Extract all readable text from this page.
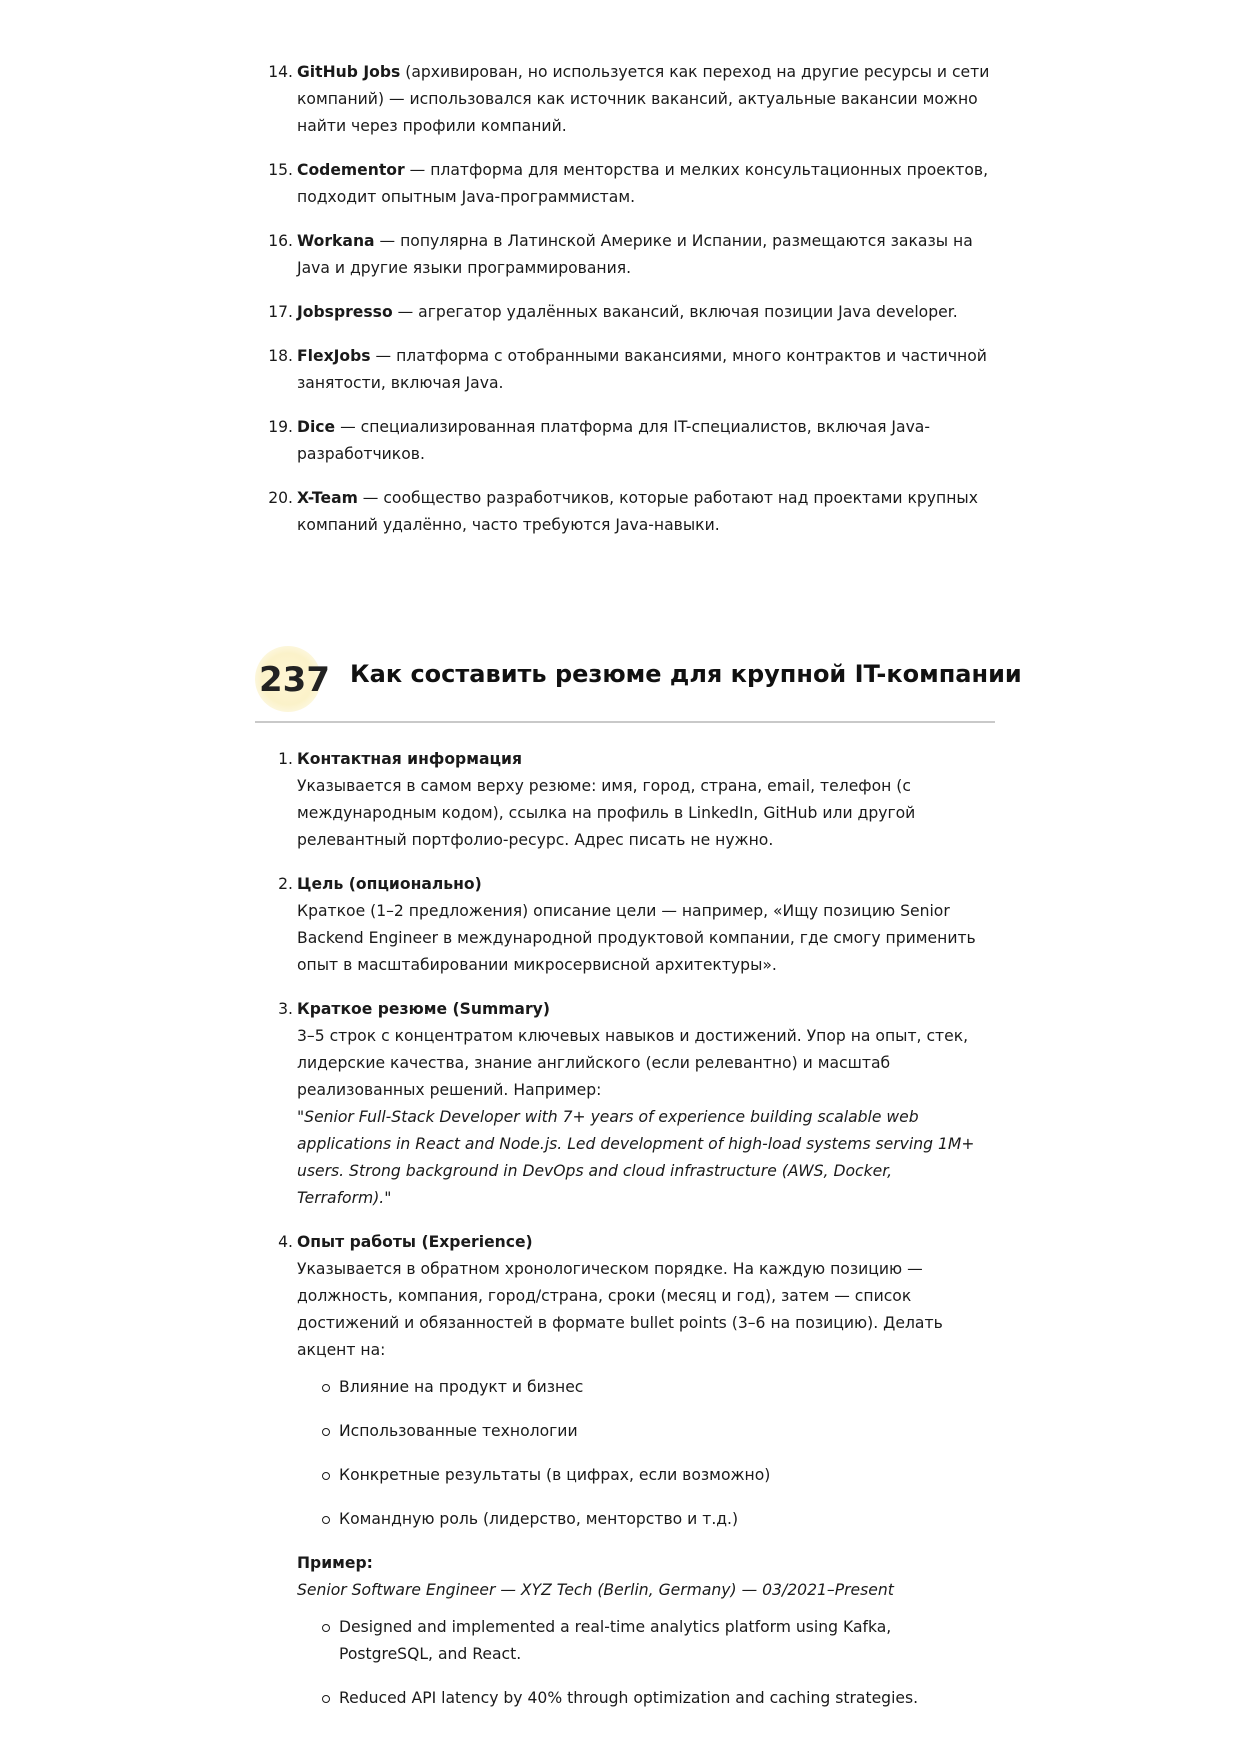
14. GitHub Jobs (архивирован, но используется как переход на другие ресурсы и сети компаний) — использовался как источник вакансий, актуальные вакансии можно найти через профили компаний.
15. Codementor — платформа для менторства и мелких консультационных проектов, подходит опытным Java-программистам.
16. Workana — популярна в Латинской Америке и Испании, размещаются заказы на Java и другие языки программирования.
17. Jobspresso — агрегатор удалённых вакансий, включая позиции Java developer.
18. FlexJobs — платформа с отобранными вакансиями, много контрактов и частичной занятости, включая Java.
19. Dice — специализированная платформа для IT-специалистов, включая Java-разработчиков.
20. X-Team — сообщество разработчиков, которые работают над проектами крупных компаний удалённо, часто требуются Java-навыки.
237 Как составить резюме для крупной IT-компании
1. Контактная информация
Указывается в самом верху резюме: имя, город, страна, email, телефон (с международным кодом), ссылка на профиль в LinkedIn, GitHub или другой релевантный портфолио-ресурс. Адрес писать не нужно.
2. Цель (опционально)
Краткое (1–2 предложения) описание цели — например, «Ищу позицию Senior Backend Engineer в международной продуктовой компании, где смогу применить опыт в масштабировании микросервисной архитектуры».
3. Краткое резюме (Summary)
3–5 строк с концентратом ключевых навыков и достижений. Упор на опыт, стек, лидерские качества, знание английского (если релевантно) и масштаб реализованных решений. Например:
"Senior Full-Stack Developer with 7+ years of experience building scalable web applications in React and Node.js. Led development of high-load systems serving 1M+ users. Strong background in DevOps and cloud infrastructure (AWS, Docker, Terraform)."
4. Опыт работы (Experience)
Указывается в обратном хронологическом порядке. На каждую позицию — должность, компания, город/страна, сроки (месяц и год), затем — список достижений и обязанностей в формате bullet points (3–6 на позицию). Делать акцент на:
Влияние на продукт и бизнес
Использованные технологии
Конкретные результаты (в цифрах, если возможно)
Командную роль (лидерство, менторство и т.д.)
Пример:
Senior Software Engineer — XYZ Tech (Berlin, Germany) — 03/2021–Present
Designed and implemented a real-time analytics platform using Kafka, PostgreSQL, and React.
Reduced API latency by 40% through optimization and caching strategies.
